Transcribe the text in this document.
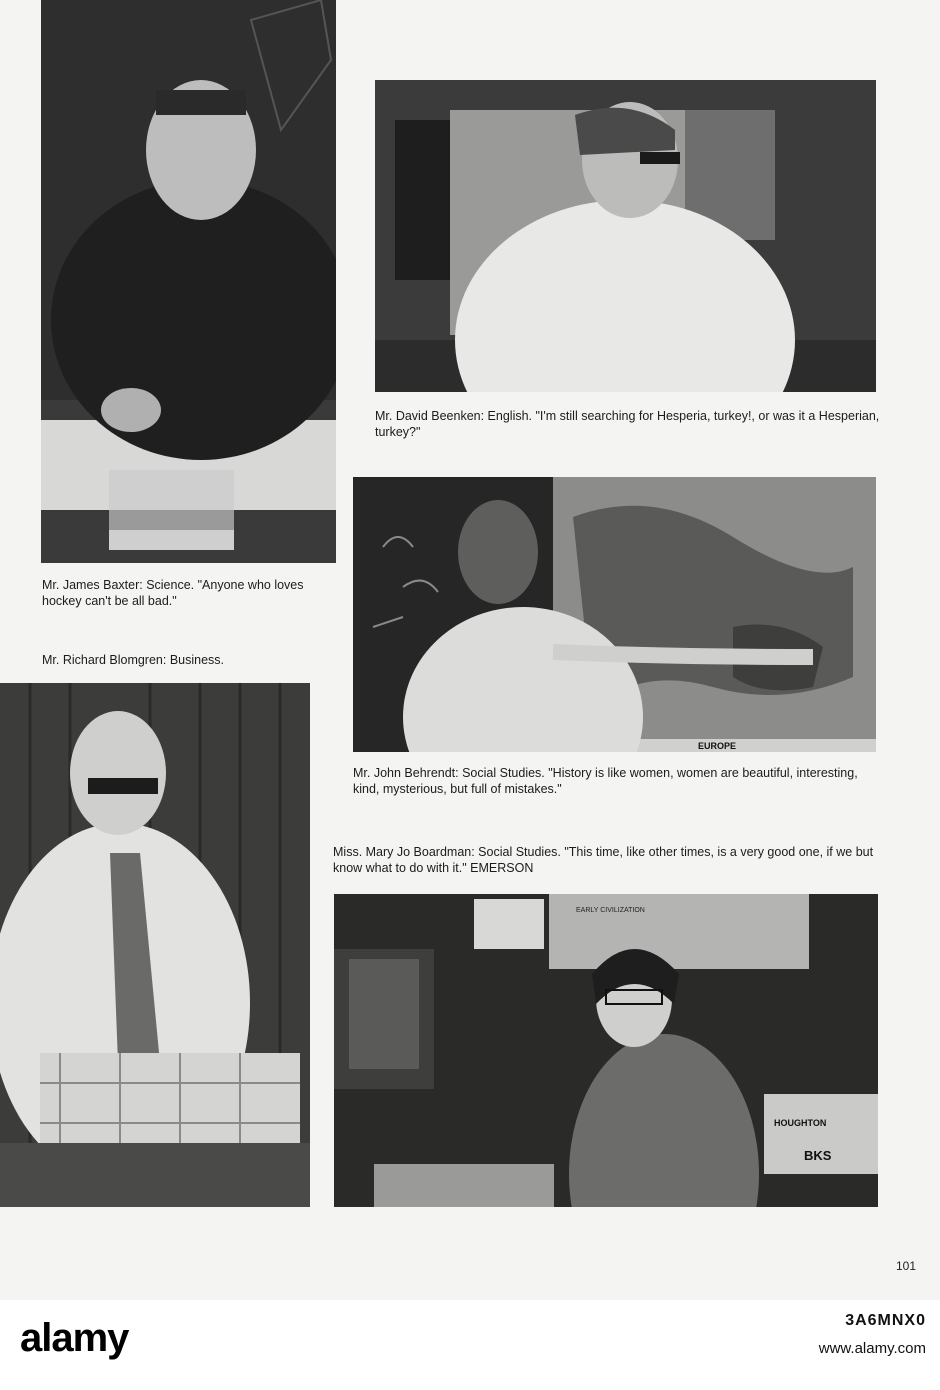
Mr. David Beenken: English. "I'm still searching for Hesperia, turkey!, or was it a Hesperian, turkey?"
EUROPE
Mr. John Behrendt: Social Studies. "History is like women, women are beautiful, interesting, kind, mysterious, but full of mistakes."
Mr. James Baxter: Science. "Anyone who loves hockey can't be all bad."
Mr. Richard Blomgren: Business.
Miss. Mary Jo Boardman: Social Studies. "This time, like other times, is a very good one, if we but know what to do with it." EMERSON
EARLY CIVILIZATION
HOUGHTON
BKS
101
alamy	3A6MNX0
www.alamy.com
